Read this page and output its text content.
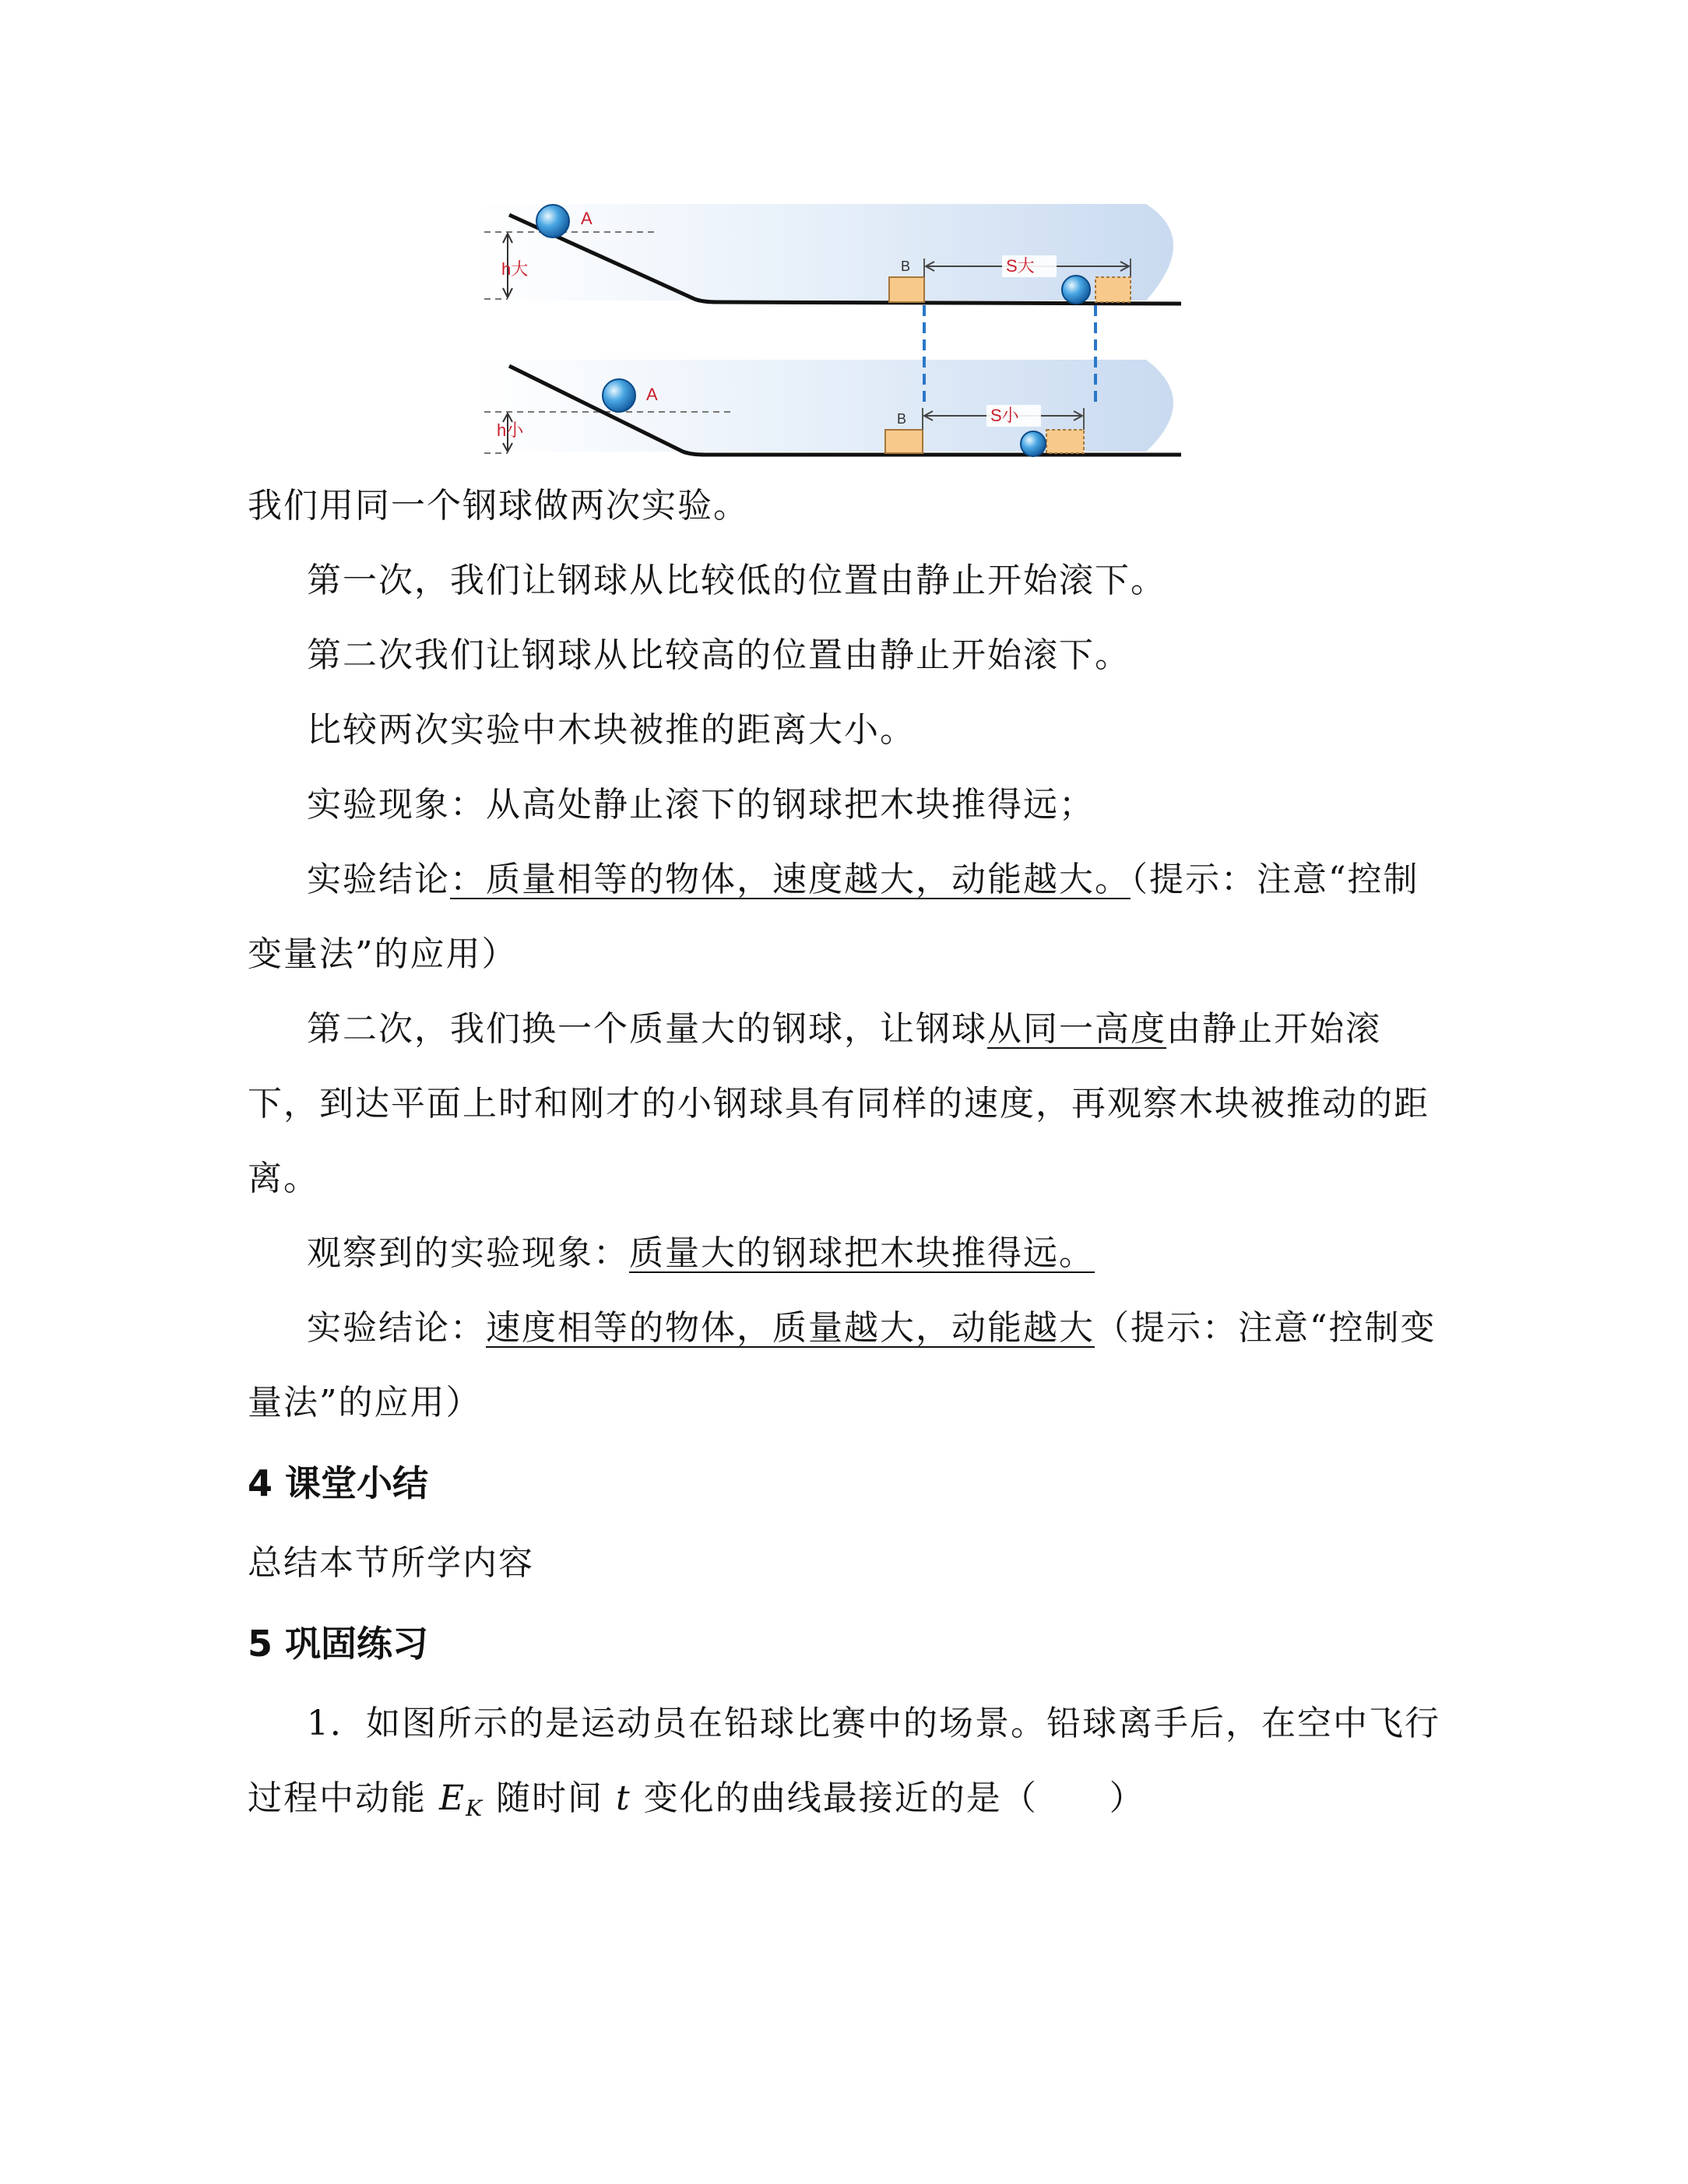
h大
A
B	S大
h小
A
B	S小

我们用同一个钢球做两次实验。

第一次，我们让钢球从比较低的位置由静止开始滚下。

第二次我们让钢球从比较高的位置由静止开始滚下。

比较两次实验中木块被推的距离大小。

实验现象：从高处静止滚下的钢球把木块推得远；

实验结论：质量相等的物体，速度越大，动能越大。（提示：注意“控制变量法”的应用）

第二次，我们换一个质量大的钢球，让钢球从同一高度由静止开始滚下，到达平面上时和刚才的小钢球具有同样的速度，再观察木块被推动的距离。

观察到的实验现象：质量大的钢球把木块推得远。

实验结论：速度相等的物体，质量越大，动能越大（提示：注意“控制变量法”的应用）

4 课堂小结

总结本节所学内容

5 巩固练习

1．如图所示的是运动员在铅球比赛中的场景。铅球离手后，在空中飞行过程中动能 $E_K$ 随时间 t 变化的曲线最接近的是（　　）
